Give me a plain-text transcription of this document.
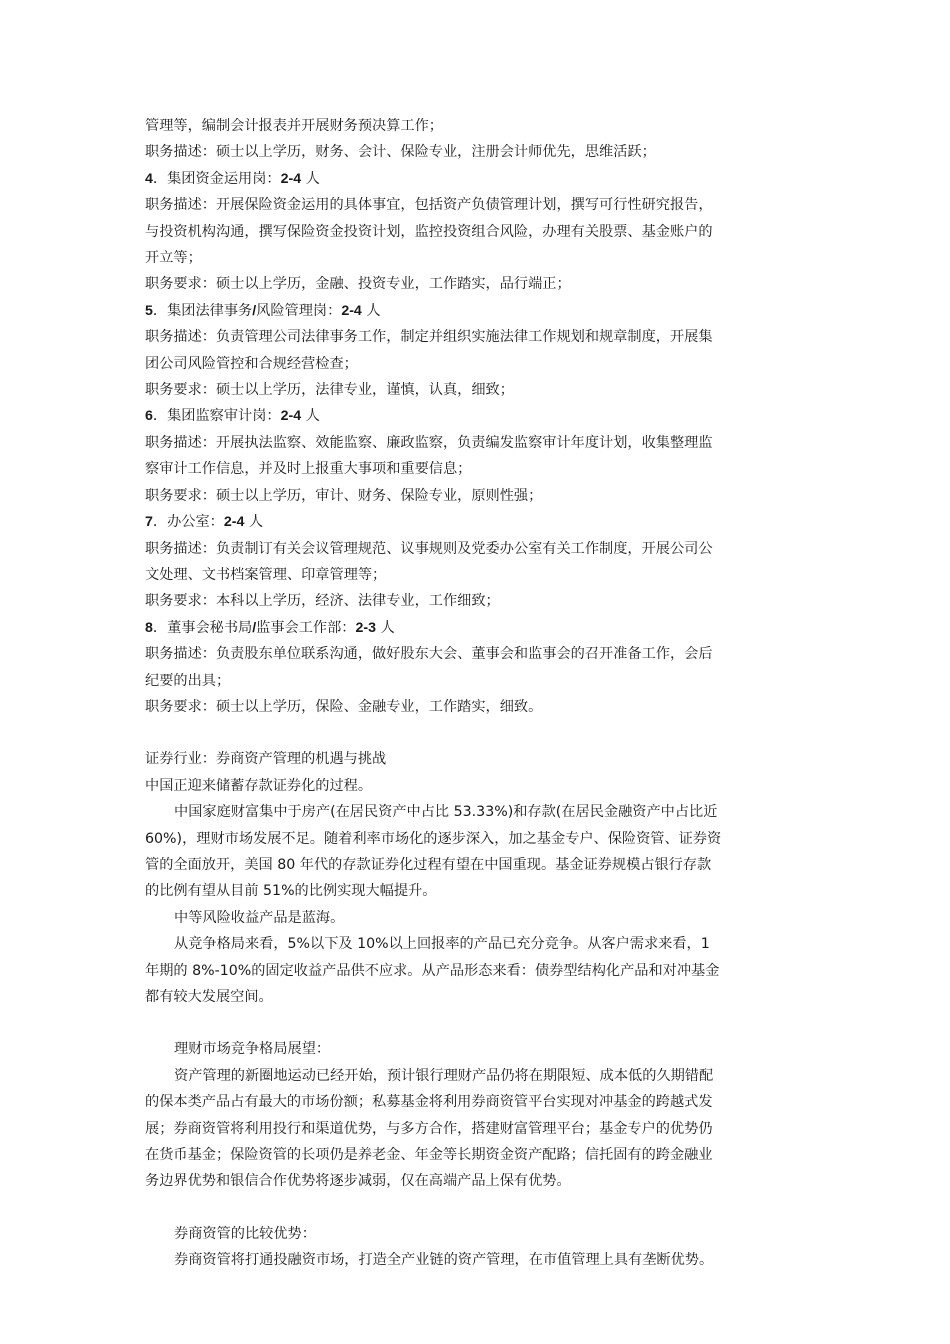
管理等，编制会计报表并开展财务预决算工作；
职务描述：硕士以上学历，财务、会计、保险专业，注册会计师优先，思维活跃；
4．集团资金运用岗：2-4 人
职务描述：开展保险资金运用的具体事宜，包括资产负债管理计划，撰写可行性研究报告，
与投资机构沟通，撰写保险资金投资计划，监控投资组合风险，办理有关股票、基金账户的
开立等；
职务要求：硕士以上学历，金融、投资专业，工作踏实，品行端正；
5．集团法律事务/风险管理岗：2-4 人
职务描述：负责管理公司法律事务工作，制定并组织实施法律工作规划和规章制度，开展集
团公司风险管控和合规经营检查；
职务要求：硕士以上学历，法律专业，谨慎，认真，细致；
6．集团监察审计岗：2-4 人
职务描述：开展执法监察、效能监察、廉政监察，负责编发监察审计年度计划，收集整理监
察审计工作信息，并及时上报重大事项和重要信息；
职务要求：硕士以上学历，审计、财务、保险专业，原则性强；
7．办公室：2-4 人
职务描述：负责制订有关会议管理规范、议事规则及党委办公室有关工作制度，开展公司公
文处理、文书档案管理、印章管理等；
职务要求：本科以上学历，经济、法律专业，工作细致；
8．董事会秘书局/监事会工作部：2-3 人
职务描述：负责股东单位联系沟通，做好股东大会、董事会和监事会的召开准备工作，会后
纪要的出具；
职务要求：硕士以上学历，保险、金融专业，工作踏实，细致。
证券行业：券商资产管理的机遇与挑战
中国正迎来储蓄存款证券化的过程。
中国家庭财富集中于房产(在居民资产中占比 53.33%)和存款(在居民金融资产中占比近
60%)，理财市场发展不足。随着利率市场化的逐步深入，加之基金专户、保险资管、证券资
管的全面放开，美国 80 年代的存款证券化过程有望在中国重现。基金证券规模占银行存款
的比例有望从目前 51%的比例实现大幅提升。
中等风险收益产品是蓝海。
从竞争格局来看，5%以下及 10%以上回报率的产品已充分竞争。从客户需求来看，1
年期的 8%-10%的固定收益产品供不应求。从产品形态来看：债券型结构化产品和对冲基金
都有较大发展空间。
理财市场竞争格局展望：
资产管理的新圈地运动已经开始，预计银行理财产品仍将在期限短、成本低的久期错配
的保本类产品占有最大的市场份额；私募基金将利用券商资管平台实现对冲基金的跨越式发
展；券商资管将利用投行和渠道优势，与多方合作，搭建财富管理平台；基金专户的优势仍
在货币基金；保险资管的长项仍是养老金、年金等长期资金资产配路；信托固有的跨金融业
务边界优势和银信合作优势将逐步减弱，仅在高端产品上保有优势。
券商资管的比较优势：
券商资管将打通投融资市场，打造全产业链的资产管理，在市值管理上具有垄断优势。
